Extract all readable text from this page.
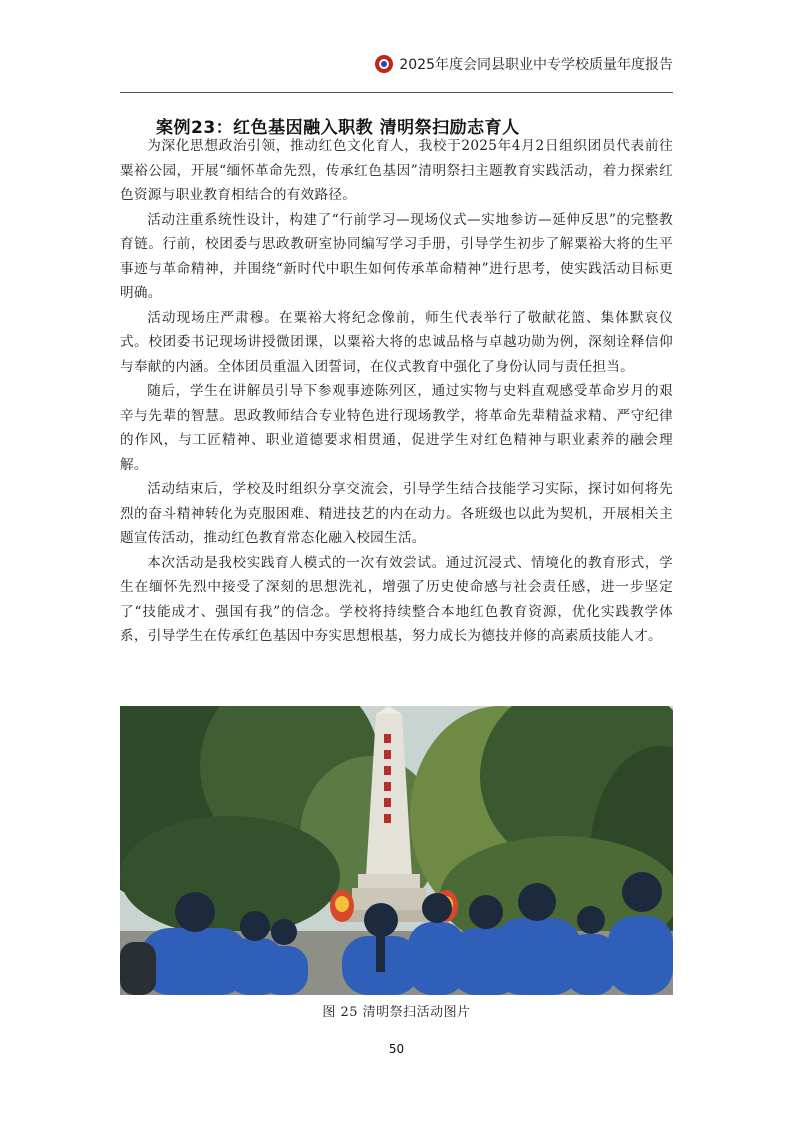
2025年度会同县职业中专学校质量年度报告
案例23：红色基因融入职教 清明祭扫励志育人

为深化思想政治引领，推动红色文化育人，我校于2025年4月2日组织团员代表前往粟裕公园，开展“缅怀革命先烈，传承红色基因”清明祭扫主题教育实践活动，着力探索红色资源与职业教育相结合的有效路径。

活动注重系统性设计，构建了“行前学习—现场仪式—实地参访—延伸反思”的完整教育链。行前，校团委与思政教研室协同编写学习手册，引导学生初步了解粟裕大将的生平事迹与革命精神，并围绕“新时代中职生如何传承革命精神”进行思考，使实践活动目标更明确。

活动现场庄严肃穆。在粟裕大将纪念像前，师生代表举行了敬献花篮、集体默哀仪式。校团委书记现场讲授微团课，以粟裕大将的忠诚品格与卓越功勋为例，深刻诠释信仰与奉献的内涵。全体团员重温入团誓词，在仪式教育中强化了身份认同与责任担当。

随后，学生在讲解员引导下参观事迹陈列区，通过实物与史料直观感受革命岁月的艰辛与先辈的智慧。思政教师结合专业特色进行现场教学，将革命先辈精益求精、严守纪律的作风，与工匠精神、职业道德要求相贯通，促进学生对红色精神与职业素养的融会理解。

活动结束后，学校及时组织分享交流会，引导学生结合技能学习实际，探讨如何将先烈的奋斗精神转化为克服困难、精进技艺的内在动力。各班级也以此为契机，开展相关主题宣传活动，推动红色教育常态化融入校园生活。

本次活动是我校实践育人模式的一次有效尝试。通过沉浸式、情境化的教育形式，学生在缅怀先烈中接受了深刻的思想洗礼，增强了历史使命感与社会责任感，进一步坚定了“技能成才、强国有我”的信念。学校将持续整合本地红色教育资源，优化实践教学体系，引导学生在传承红色基因中夯实思想根基，努力成长为德技并修的高素质技能人才。

图 25 清明祭扫活动图片
50
